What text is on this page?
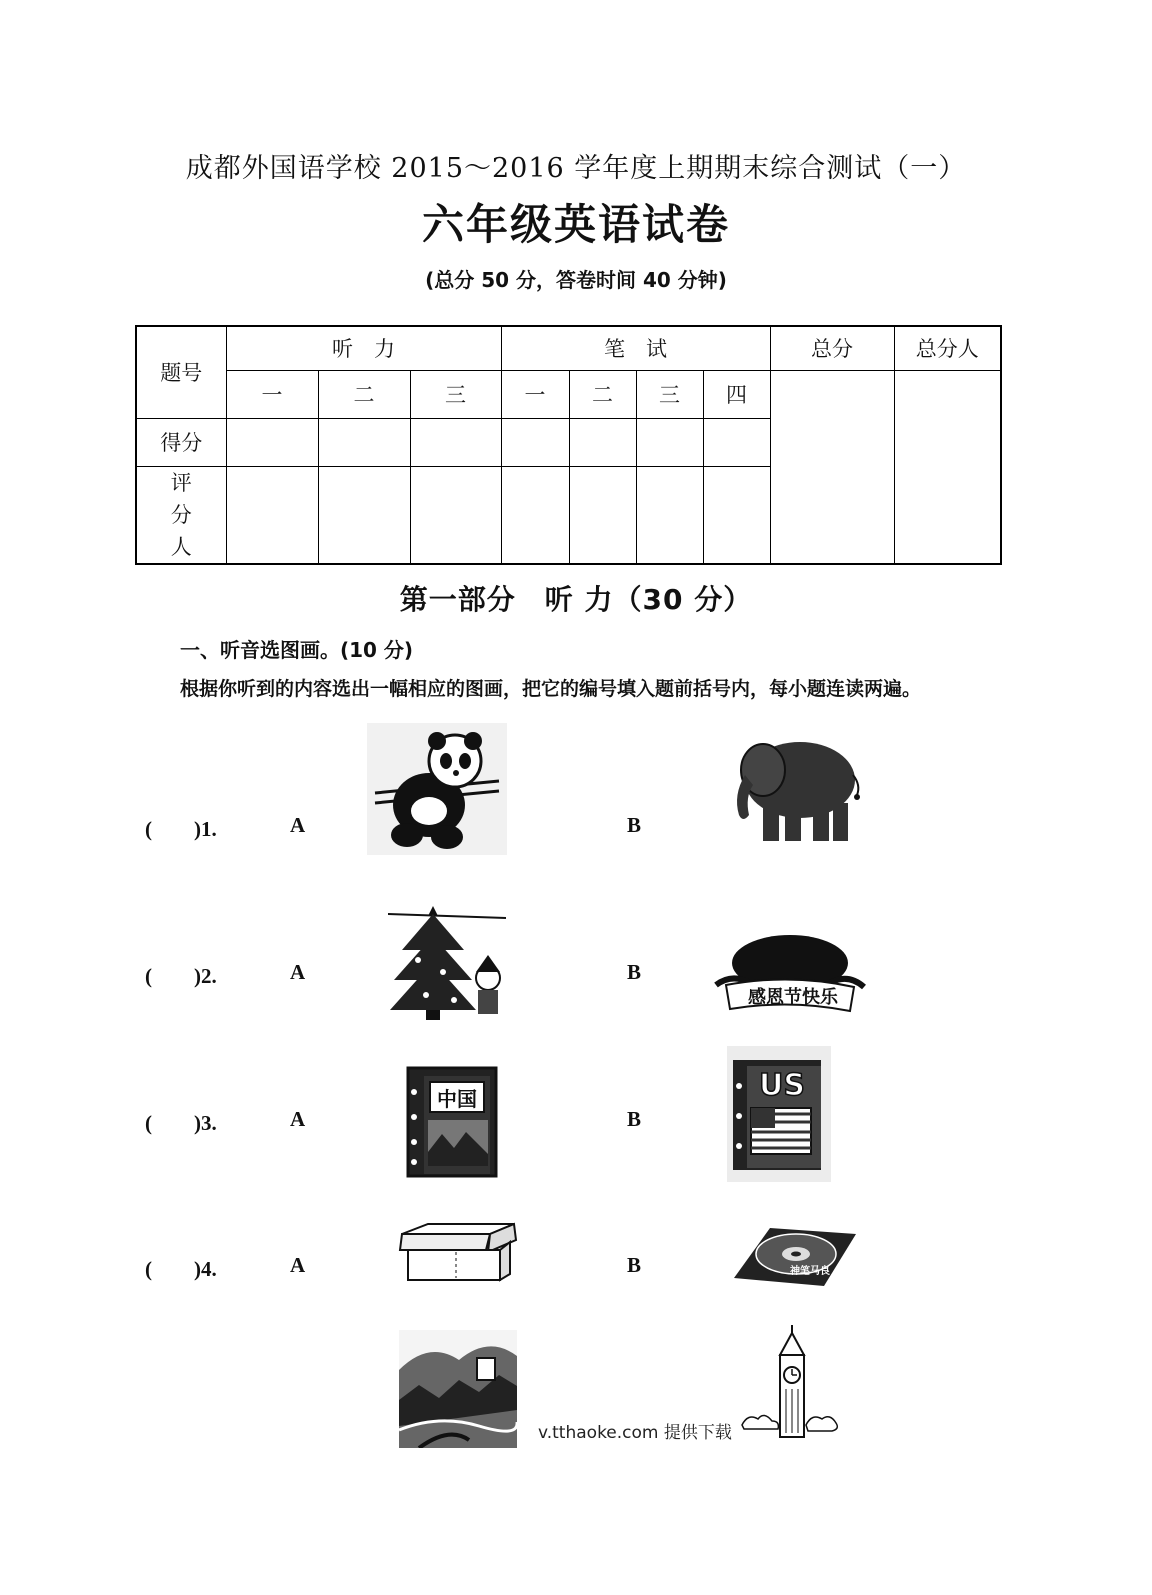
成都外国语学校 2015～2016 学年度上期期末综合测试（一）
六年级英语试卷
(总分 50 分，答卷时间 40 分钟)
题号	听　力			笔　试				总分	总分人
	一	二	三	一	二	三	四		
得分									

评
分
人									

第一部分　听 力（30 分）
一、听音选图画。(10 分)
根据你听到的内容选出一幅相应的图画，把它的编号填入题前括号内，每小题连读两遍。
(　　)1.	A	B
(　　)2.	A	B
感恩节快乐
(　　)3.	A	B
中国	US
(　　)4.	A	B	神笔马良
v.tthaoke.com 提供下载
